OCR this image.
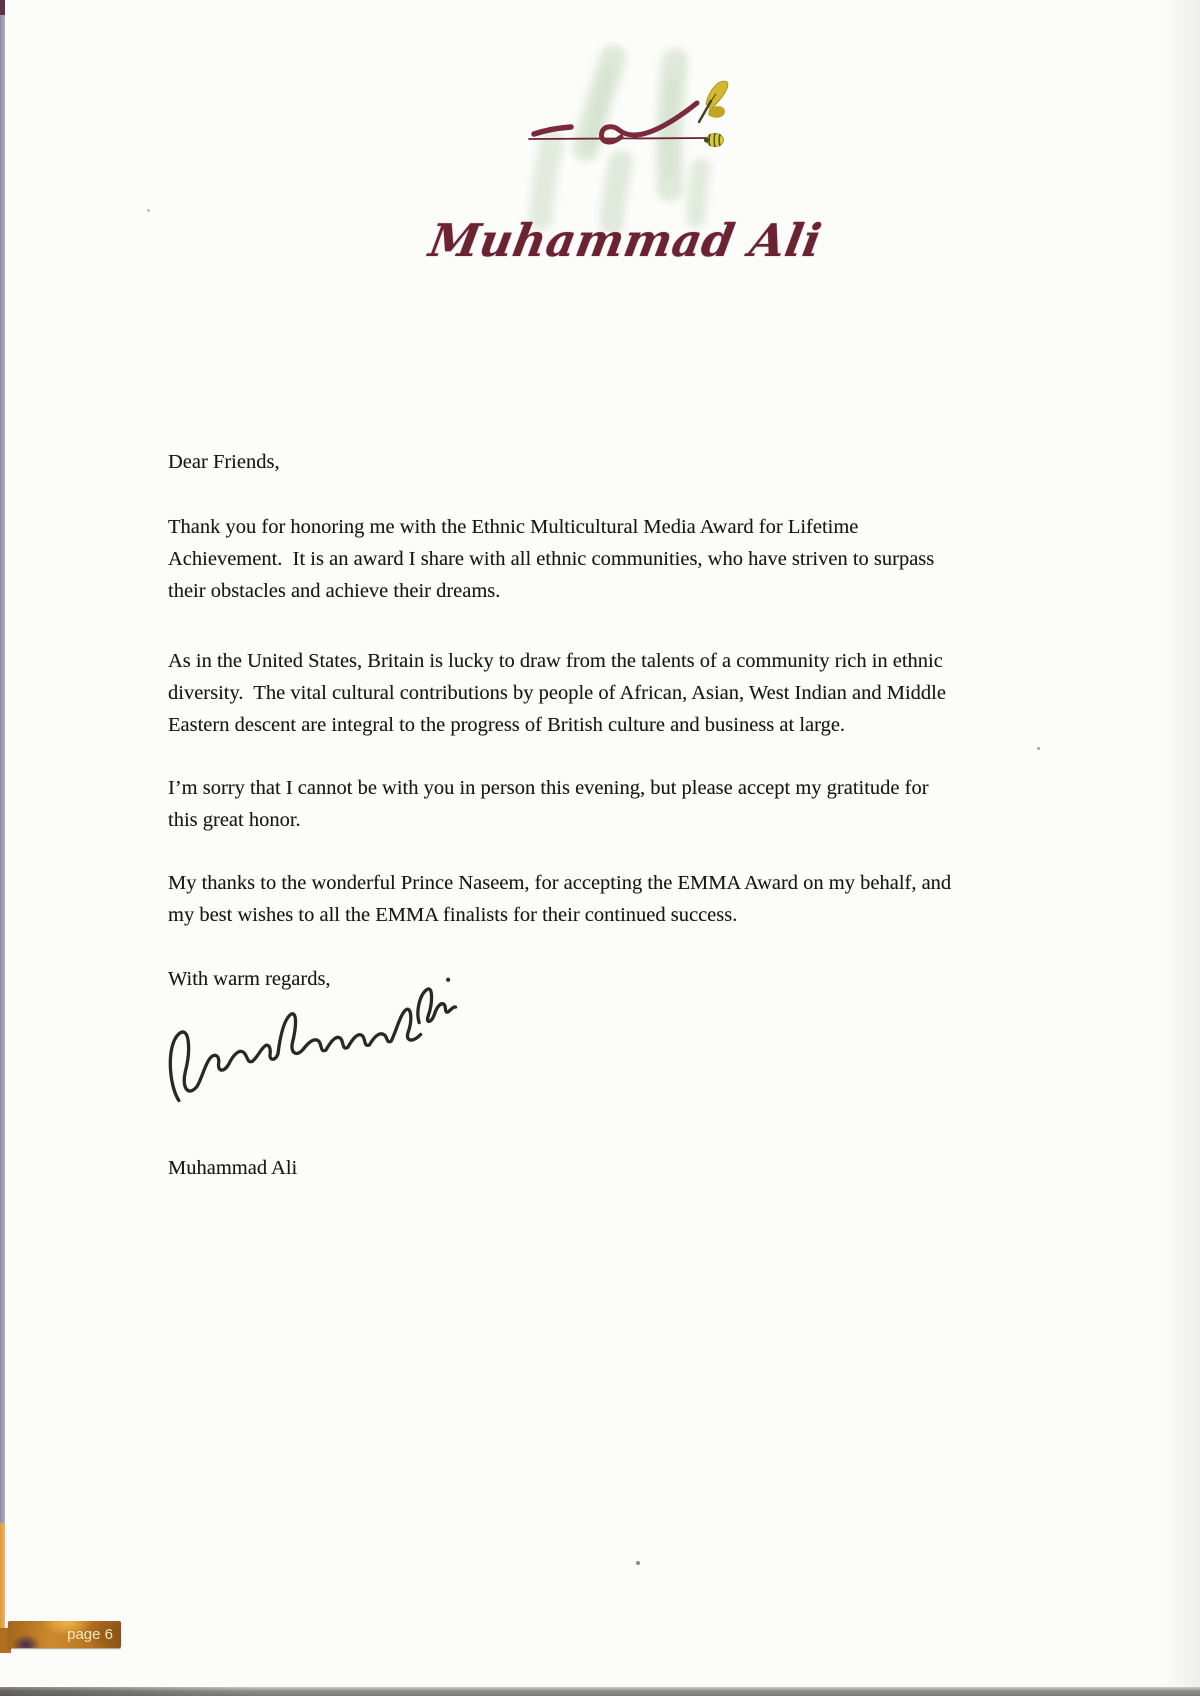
Muhammad Ali
Dear Friends,
Thank you for honoring me with the Ethnic Multicultural Media Award for Lifetime
Achievement.  It is an award I share with all ethnic communities, who have striven to surpass
their obstacles and achieve their dreams.
As in the United States, Britain is lucky to draw from the talents of a community rich in ethnic
diversity.  The vital cultural contributions by people of African, Asian, West Indian and Middle
Eastern descent are integral to the progress of British culture and business at large.
I’m sorry that I cannot be with you in person this evening, but please accept my gratitude for
this great honor.
My thanks to the wonderful Prince Naseem, for accepting the EMMA Award on my behalf, and
my best wishes to all the EMMA finalists for their continued success.
With warm regards,
Muhammad Ali
page 6
